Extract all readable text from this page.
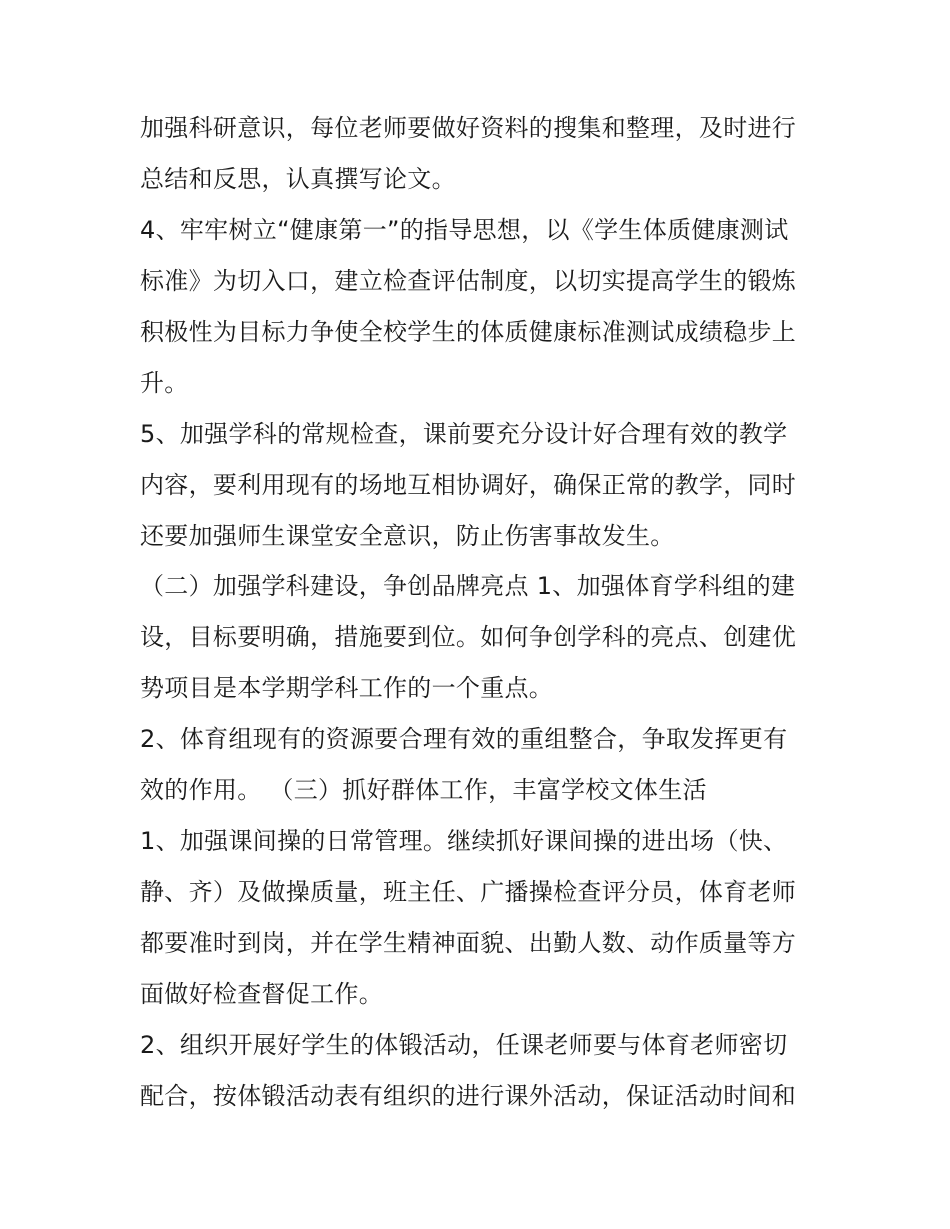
加强科研意识，每位老师要做好资料的搜集和整理，及时进行
总结和反思，认真撰写论文。
4、牢牢树立“健康第一”的指导思想，以《学生体质健康测试
标准》为切入口，建立检查评估制度，以切实提高学生的锻炼
积极性为目标力争使全校学生的体质健康标准测试成绩稳步上
升。
5、加强学科的常规检查，课前要充分设计好合理有效的教学
内容，要利用现有的场地互相协调好，确保正常的教学，同时
还要加强师生课堂安全意识，防止伤害事故发生。
（二）加强学科建设，争创品牌亮点 1、加强体育学科组的建
设，目标要明确，措施要到位。如何争创学科的亮点、创建优
势项目是本学期学科工作的一个重点。
2、体育组现有的资源要合理有效的重组整合，争取发挥更有
效的作用。 （三）抓好群体工作，丰富学校文体生活
1、加强课间操的日常管理。继续抓好课间操的进出场（快、
静、齐）及做操质量，班主任、广播操检查评分员，体育老师
都要准时到岗，并在学生精神面貌、出勤人数、动作质量等方
面做好检查督促工作。
2、组织开展好学生的体锻活动，任课老师要与体育老师密切
配合，按体锻活动表有组织的进行课外活动，保证活动时间和
